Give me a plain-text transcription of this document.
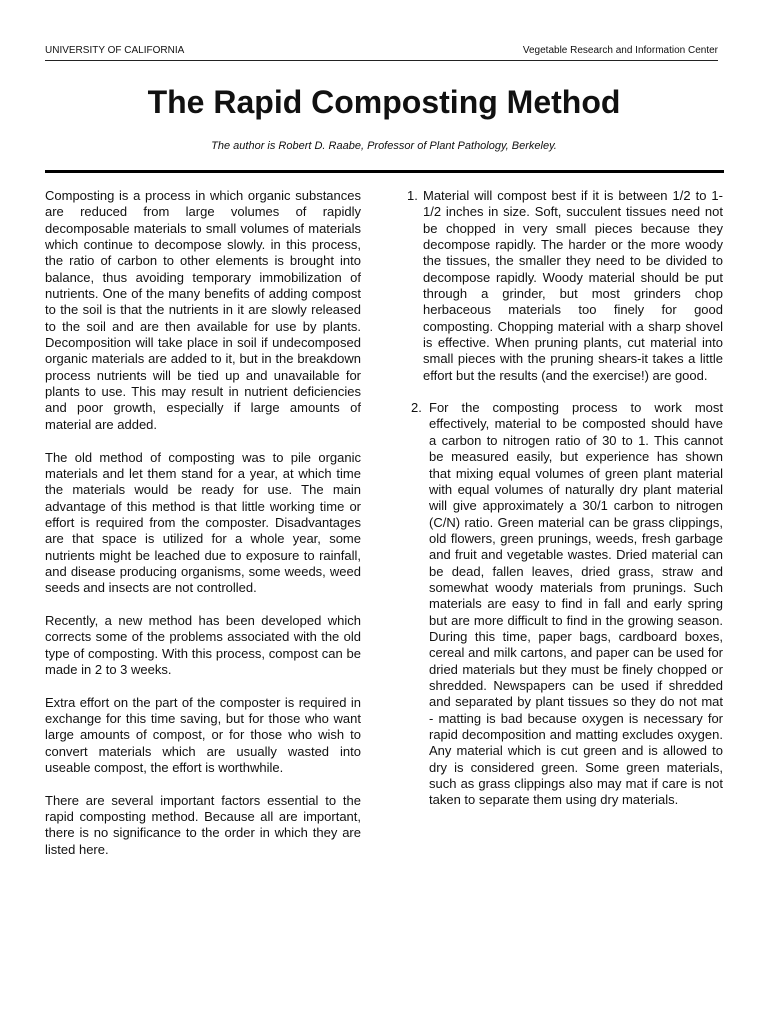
UNIVERSITY OF CALIFORNIA	Vegetable Research and Information Center
The Rapid Composting Method
The author is Robert D. Raabe, Professor of Plant Pathology, Berkeley.

Composting is a process in which organic substances are reduced from large volumes of rapidly decomposable materials to small volumes of materials which continue to decompose slowly. in this process, the ratio of carbon to other elements is brought into balance, thus avoiding temporary immobilization of nutrients. One of the many benefits of adding compost to the soil is that the nutrients in it are slowly released to the soil and are then available for use by plants. Decomposition will take place in soil if undecomposed organic materials are added to it, but in the breakdown process nutrients will be tied up and unavailable for plants to use. This may result in nutrient deficiencies and poor growth, especially if large amounts of material are added.

The old method of composting was to pile organic materials and let them stand for a year, at which time the materials would be ready for use. The main advantage of this method is that little working time or effort is required from the composter. Disadvantages are that space is utilized for a whole year, some nutrients might be leached due to exposure to rainfall, and disease producing organisms, some weeds, weed seeds and insects are not controlled.

Recently, a new method has been developed which corrects some of the problems associated with the old type of composting. With this process, compost can be made in 2 to 3 weeks.

Extra effort on the part of the composter is required in exchange for this time saving, but for those who want large amounts of compost, or for those who wish to convert materials which are usually wasted into useable compost, the effort is worthwhile.

There are several important factors essential to the rapid composting method. Because all are important, there is no significance to the order in which they are listed here.

1. Material will compost best if it is between 1/2 to 1-1/2 inches in size. Soft, succulent tissues need not be chopped in very small pieces because they decompose rapidly. The harder or the more woody the tissues, the smaller they need to be divided to decompose rapidly. Woody material should be put through a grinder, but most grinders chop herbaceous materials too finely for good composting. Chopping material with a sharp shovel is effective. When pruning plants, cut material into small pieces with the pruning shears-it takes a little effort but the results (and the exercise!) are good.
2. For the composting process to work most effectively, material to be composted should have a carbon to nitrogen ratio of 30 to 1. This cannot be measured easily, but experience has shown that mixing equal volumes of green plant material with equal volumes of naturally dry plant material will give approximately a 30/1 carbon to nitrogen (C/N) ratio. Green material can be grass clippings, old flowers, green prunings, weeds, fresh garbage and fruit and vegetable wastes. Dried material can be dead, fallen leaves, dried grass, straw and somewhat woody materials from prunings. Such materials are easy to find in fall and early spring but are more difficult to find in the growing season. During this time, paper bags, cardboard boxes, cereal and milk cartons, and paper can be used for dried materials but they must be finely chopped or shredded. Newspapers can be used if shredded and separated by plant tissues so they do not mat - matting is bad because oxygen is necessary for rapid decomposition and matting excludes oxygen. Any material which is cut green and is allowed to dry is considered green. Some green materials, such as grass clippings also may mat if care is not taken to separate them using dry materials.
